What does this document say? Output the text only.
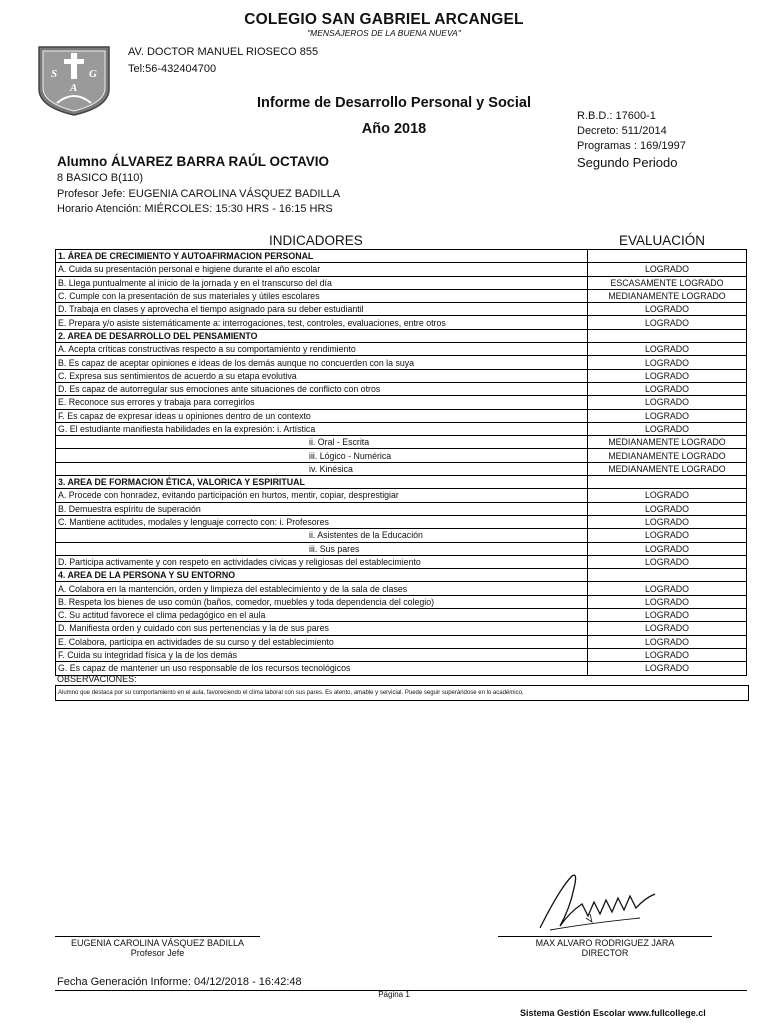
COLEGIO SAN GABRIEL ARCANGEL
"MENSAJEROS DE LA BUENA NUEVA"
S	G
A
AV. DOCTOR MANUEL RIOSECO 855
Tel:56-432404700
Informe de Desarrollo Personal y Social
Año 2018
R.B.D.: 17600-1
Decreto: 511/2014
Programas : 169/1997
Segundo Periodo
Alumno ÁLVAREZ BARRA RAÚL OCTAVIO
8 BASICO B(110)
Profesor Jefe: EUGENIA CAROLINA VÁSQUEZ BADILLA
Horario Atención: MIÉRCOLES: 15:30 HRS - 16:15 HRS
INDICADORES	EVALUACIÓN
1. ÁREA DE CRECIMIENTO Y AUTOAFIRMACION PERSONAL	
A. Cuida su presentación personal e higiene durante el año escolar	LOGRADO
B. Llega puntualmente al inicio de la jornada y en el transcurso del día	ESCASAMENTE LOGRADO
C. Cumple con la presentación de sus materiales y útiles escolares	MEDIANAMENTE LOGRADO
D. Trabaja en clases y aprovecha el tiempo asignado para su deber estudiantil	LOGRADO
E. Prepara y/o asiste sistemáticamente a: interrogaciones, test, controles, evaluaciones, entre otros	LOGRADO
2. AREA DE DESARROLLO DEL PENSAMIENTO	
A. Acepta críticas constructivas respecto a su comportamiento y rendimiento	LOGRADO
B. Es capaz de aceptar opiniones e ideas de los demás aunque no concuerden con la suya	LOGRADO
C. Expresa sus sentimientos de acuerdo a su etapa evolutiva	LOGRADO
D. Es capaz de autorregular sus emociones ante situaciones de conflicto con otros	LOGRADO
E. Reconoce sus errores y trabaja para corregirlos	LOGRADO
F. Es capaz de expresar ideas u opiniones dentro de un contexto	LOGRADO
G. El estudiante manifiesta habilidades en la expresión: i. Artística	LOGRADO
ii. Oral - Escrita	MEDIANAMENTE LOGRADO
iii. Lógico - Numérica	MEDIANAMENTE LOGRADO
iv. Kinésica	MEDIANAMENTE LOGRADO
3. AREA DE FORMACION ÉTICA, VALORICA Y ESPIRITUAL	
A. Procede con honradez, evitando participación en hurtos, mentir, copiar, desprestigiar	LOGRADO
B. Demuestra espíritu de superación	LOGRADO
C. Mantiene actitudes, modales y lenguaje correcto con: i. Profesores	LOGRADO
ii. Asistentes de la Educación	LOGRADO
iii. Sus pares	LOGRADO
D. Participa activamente y con respeto en actividades cívicas y religiosas del establecimiento	LOGRADO
4. AREA DE LA PERSONA Y SU ENTORNO	
A. Colabora en la mantención, orden y limpieza del establecimiento y de la sala de clases	LOGRADO
B. Respeta los bienes de uso común (baños, comedor, muebles y toda dependencia del colegio)	LOGRADO
C. Su actitud favorece el clima pedagógico en el aula	LOGRADO
D. Manifiesta orden y cuidado con sus pertenencias y la de sus pares	LOGRADO
E. Colabora, participa en actividades de su curso y del establecimiento	LOGRADO
F. Cuida su integridad física y la de los demás	LOGRADO
G. Es capaz de mantener un uso responsable de los recursos tecnológicos	LOGRADO
OBSERVACIONES:
Alumno que destaca por su comportamiento en el aula, favoreciendo el clima laboral con sus pares. Es atento, amable y servicial. Puede seguir superándose en lo académico.
EUGENIA CAROLINA VÁSQUEZ BADILLA
Profesor Jefe
MAX ALVARO RODRIGUEZ JARA
DIRECTOR
Fecha Generación Informe: 04/12/2018 - 16:42:48
Página 1
Sistema Gestión Escolar www.fullcollege.cl
